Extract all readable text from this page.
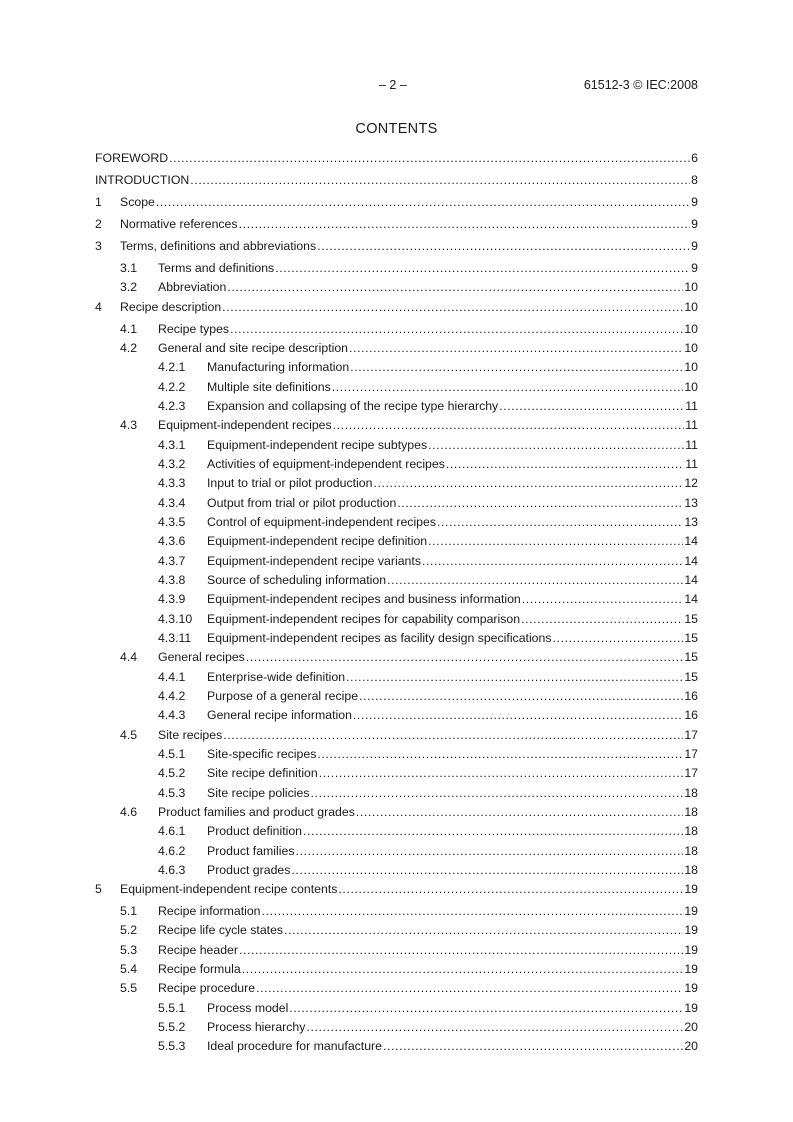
– 2 –	61512-3 © IEC:2008
CONTENTS
FOREWORD .....	6
INTRODUCTION .....	8
1 Scope .....	9
2 Normative references .....	9
3 Terms, definitions and abbreviations .....	9
3.1 Terms and definitions .....	9
3.2 Abbreviation .....	10
4 Recipe description .....	10
4.1 Recipe types .....	10
4.2 General and site recipe description .....	10
4.2.1 Manufacturing information .....	10
4.2.2 Multiple site definitions .....	10
4.2.3 Expansion and collapsing of the recipe type hierarchy .....	11
4.3 Equipment-independent recipes .....	11
4.3.1 Equipment-independent recipe subtypes .....	11
4.3.2 Activities of equipment-independent recipes .....	11
4.3.3 Input to trial or pilot production .....	12
4.3.4 Output from trial or pilot production .....	13
4.3.5 Control of equipment-independent recipes .....	13
4.3.6 Equipment-independent recipe definition .....	14
4.3.7 Equipment-independent recipe variants .....	14
4.3.8 Source of scheduling information .....	14
4.3.9 Equipment-independent recipes and business information .....	14
4.3.10 Equipment-independent recipes for capability comparison .....	15
4.3.11 Equipment-independent recipes as facility design specifications .....	15
4.4 General recipes .....	15
4.4.1 Enterprise-wide definition .....	15
4.4.2 Purpose of a general recipe .....	16
4.4.3 General recipe information .....	16
4.5 Site recipes .....	17
4.5.1 Site-specific recipes .....	17
4.5.2 Site recipe definition .....	17
4.5.3 Site recipe policies .....	18
4.6 Product families and product grades .....	18
4.6.1 Product definition .....	18
4.6.2 Product families .....	18
4.6.3 Product grades .....	18
5 Equipment-independent recipe contents .....	19
5.1 Recipe information .....	19
5.2 Recipe life cycle states .....	19
5.3 Recipe header .....	19
5.4 Recipe formula .....	19
5.5 Recipe procedure .....	19
5.5.1 Process model .....	19
5.5.2 Process hierarchy .....	20
5.5.3 Ideal procedure for manufacture .....	20
